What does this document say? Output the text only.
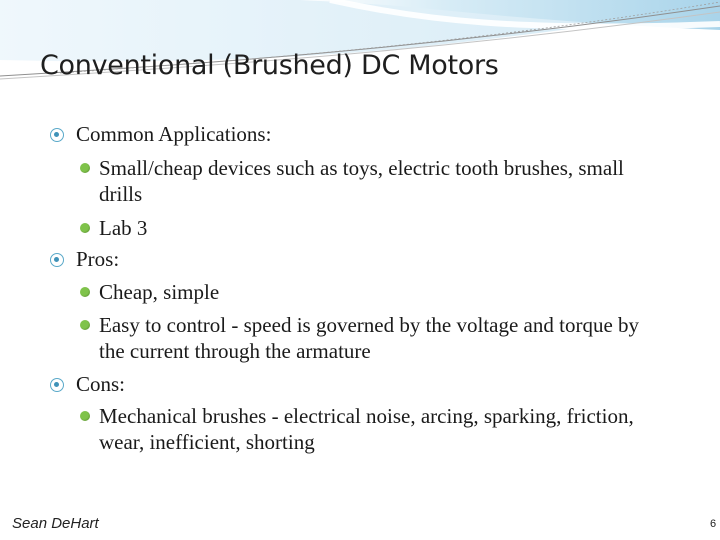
Conventional (Brushed) DC Motors
Common Applications:
Small/cheap devices such as toys, electric tooth brushes, small drills
Lab 3
Pros:
Cheap, simple
Easy to control - speed is governed by the voltage and torque by the current through the armature
Cons:
Mechanical brushes - electrical noise, arcing, sparking, friction, wear, inefficient, shorting
Sean DeHart	6
